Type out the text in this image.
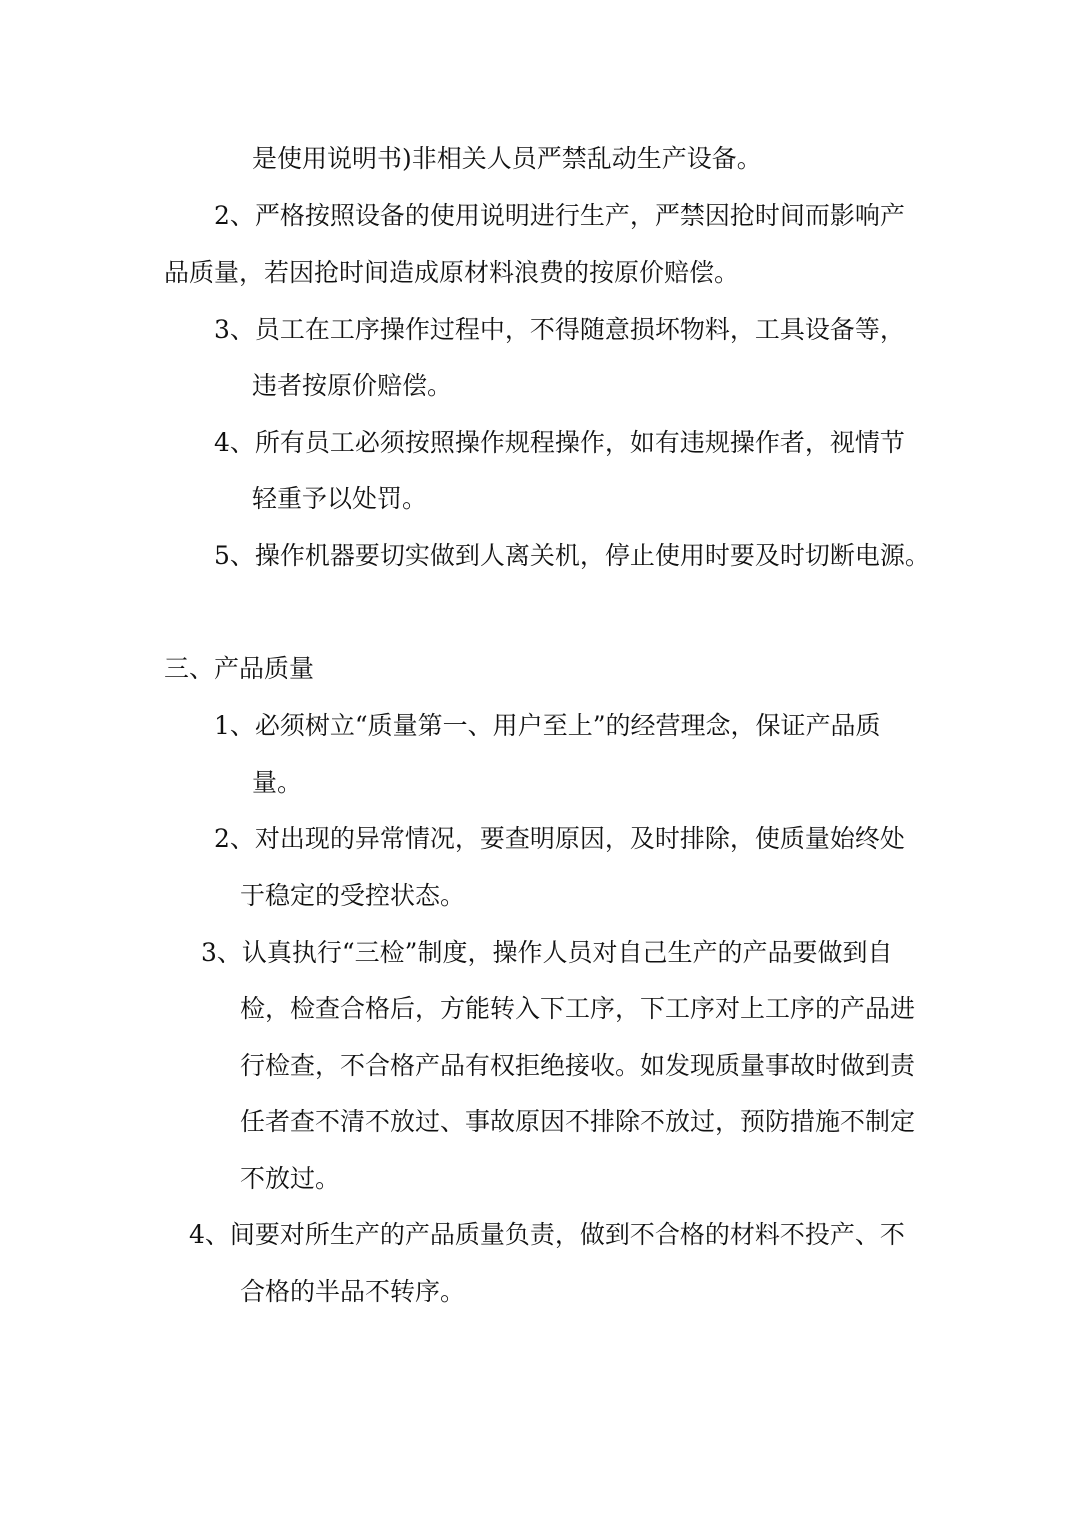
是使用说明书)非相关人员严禁乱动生产设备。
2、严格按照设备的使用说明进行生产，严禁因抢时间而影响产
品质量，若因抢时间造成原材料浪费的按原价赔偿。
3、员工在工序操作过程中，不得随意损坏物料，工具设备等，
违者按原价赔偿。
4、所有员工必须按照操作规程操作，如有违规操作者，视情节
轻重予以处罚。
5、操作机器要切实做到人离关机，停止使用时要及时切断电源。
三、产品质量
1、必须树立“质量第一、用户至上”的经营理念，保证产品质
量。
2、对出现的异常情况，要查明原因，及时排除，使质量始终处
于稳定的受控状态。
3、认真执行“三检”制度，操作人员对自己生产的产品要做到自
检，检查合格后，方能转入下工序，下工序对上工序的产品进
行检查，不合格产品有权拒绝接收。如发现质量事故时做到责
任者查不清不放过、事故原因不排除不放过，预防措施不制定
不放过。
4、间要对所生产的产品质量负责，做到不合格的材料不投产、不
合格的半品不转序。
